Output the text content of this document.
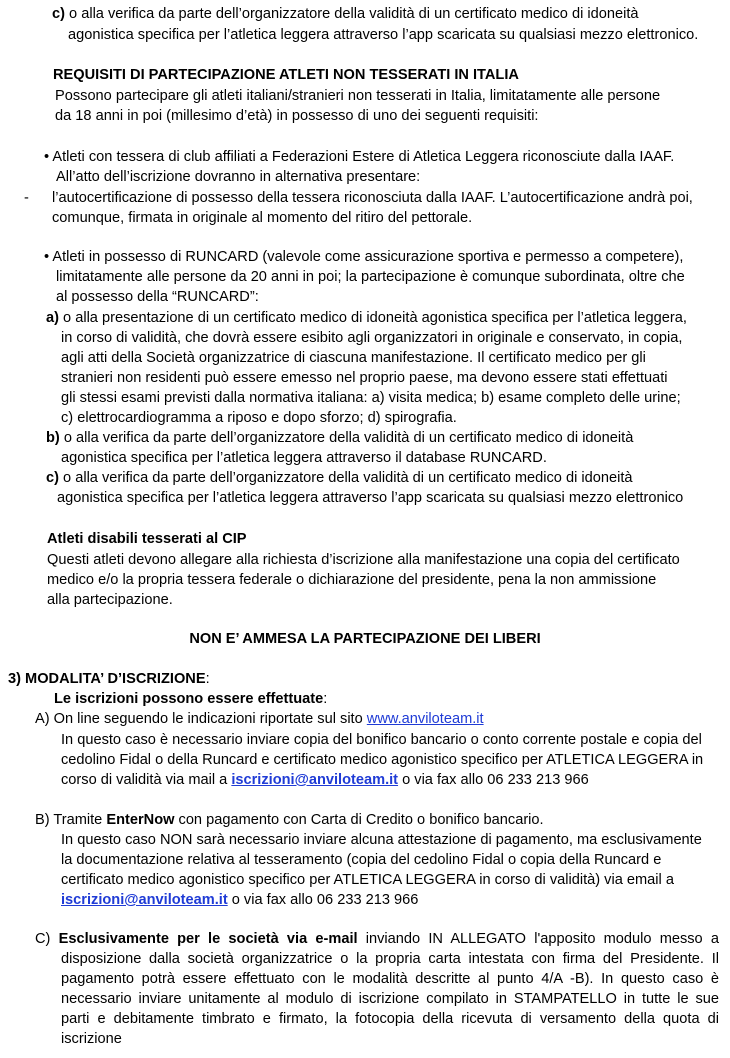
c) o alla verifica da parte dell’organizzatore della validità di un certificato medico di idoneità
agonistica specifica per l’atletica leggera attraverso l’app scaricata su qualsiasi mezzo elettronico.
REQUISITI DI PARTECIPAZIONE ATLETI NON TESSERATI IN ITALIA
Possono partecipare gli atleti italiani/stranieri non tesserati in Italia, limitatamente alle persone
da 18 anni in poi (millesimo d’età) in possesso di uno dei seguenti requisiti:
• Atleti con tessera di club affiliati a Federazioni Estere di Atletica Leggera riconosciute dalla IAAF.
All’atto dell’iscrizione dovranno in alternativa presentare:
- l’autocertificazione di possesso della tessera riconosciuta dalla IAAF. L’autocertificazione andrà poi,
comunque, firmata in originale al momento del ritiro del pettorale.
• Atleti in possesso di RUNCARD (valevole come assicurazione sportiva e permesso a competere),
limitatamente alle persone da 20 anni in poi; la partecipazione è comunque subordinata, oltre che
al possesso della “RUNCARD”:
a) o alla presentazione di un certificato medico di idoneità agonistica specifica per l’atletica leggera,
in corso di validità, che dovrà essere esibito agli organizzatori in originale e conservato, in copia,
agli atti della Società organizzatrice di ciascuna manifestazione. Il certificato medico per gli
stranieri non residenti può essere emesso nel proprio paese, ma devono essere stati effettuati
gli stessi esami previsti dalla normativa italiana: a) visita medica; b) esame completo delle urine;
c) elettrocardiogramma a riposo e dopo sforzo; d) spirografia.
b) o alla verifica da parte dell’organizzatore della validità di un certificato medico di idoneità
agonistica specifica per l’atletica leggera attraverso il database RUNCARD.
c) o alla verifica da parte dell’organizzatore della validità di un certificato medico di idoneità
agonistica specifica per l’atletica leggera attraverso l’app scaricata su qualsiasi mezzo elettronico
Atleti disabili tesserati al CIP
Questi atleti devono allegare alla richiesta d’iscrizione alla manifestazione una copia del certificato
medico e/o la propria tessera federale o dichiarazione del presidente, pena la non ammissione
alla partecipazione.
NON E’ AMMESA LA PARTECIPAZIONE DEI LIBERI
3) MODALITA’ D’ISCRIZIONE:
Le iscrizioni possono essere effettuate:
A) On line seguendo le indicazioni riportate sul sito www.anviloteam.it
In questo caso è necessario inviare copia del bonifico bancario o conto corrente postale e copia del
cedolino Fidal o della Runcard e certificato medico agonistico specifico per ATLETICA LEGGERA in
corso di validità via mail a iscrizioni@anviloteam.it o via fax allo 06 233 213 966
B) Tramite EnterNow con pagamento con Carta di Credito o bonifico bancario.
In questo caso NON sarà necessario inviare alcuna attestazione di pagamento, ma esclusivamente
la documentazione relativa al tesseramento (copia del cedolino Fidal o copia della Runcard e
certificato medico agonistico specifico per ATLETICA LEGGERA in corso di validità) via email a
iscrizioni@anviloteam.it o via fax allo 06 233 213 966
C) Esclusivamente per le società via e-mail inviando IN ALLEGATO l'apposito modulo messo a
disposizione dalla società organizzatrice o la propria carta intestata con firma del Presidente. Il
pagamento potrà essere effettuato con le modalità descritte al punto 4/A -B). In questo caso è
necessario inviare unitamente al modulo di iscrizione compilato in STAMPATELLO in tutte le sue
parti e debitamente timbrato e firmato, la fotocopia della ricevuta di versamento della quota di
iscrizione
